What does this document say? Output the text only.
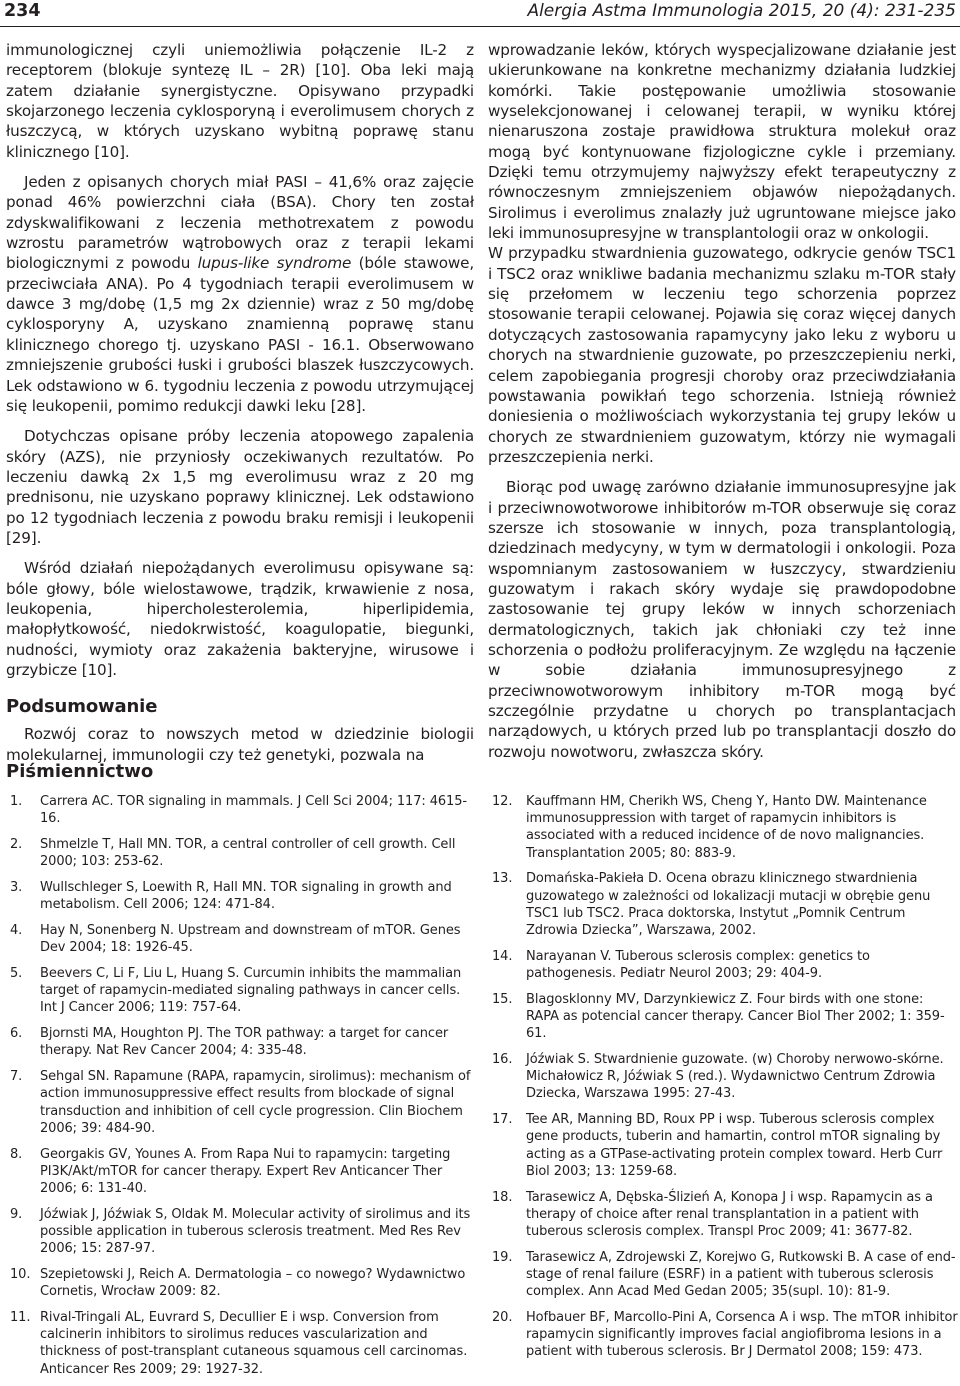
234	Alergia Astma Immunologia 2015, 20 (4): 231-235

immunologicznej czyli uniemożliwia połączenie IL-2 z receptorem (blokuje syntezę IL – 2R) [10]. Oba leki mają zatem działanie synergistyczne. Opisywano przypadki skojarzonego leczenia cyklosporyną i everolimusem chorych z łuszczycą, w których uzyskano wybitną poprawę stanu klinicznego [10].

Jeden z opisanych chorych miał PASI – 41,6% oraz zajęcie ponad 46% powierzchni ciała (BSA). Chory ten został zdyskwalifikowani z leczenia methotrexatem z powodu wzrostu parametrów wątrobowych oraz z terapii lekami biologicznymi z powodu lupus-like syndrome (bóle stawowe, przeciwciała ANA). Po 4 tygodniach terapii everolimusem w dawce 3 mg/dobę (1,5 mg 2x dziennie) wraz z 50 mg/dobę cyklosporyny A, uzyskano znamienną poprawę stanu klinicznego chorego tj. uzyskano PASI - 16.1. Obserwowano zmniejszenie grubości łuski i grubości blaszek łuszczycowych. Lek odstawiono w 6. tygodniu leczenia z powodu utrzymującej się leukopenii, pomimo redukcji dawki leku [28].

Dotychczas opisane próby leczenia atopowego zapalenia skóry (AZS), nie przyniosły oczekiwanych rezultatów. Po leczeniu dawką 2x 1,5 mg everolimusu wraz z 20 mg prednisonu, nie uzyskano poprawy klinicznej. Lek odstawiono po 12 tygodniach leczenia z powodu braku remisji i leukopenii [29].

Wśród działań niepożądanych everolimusu opisywane są: bóle głowy, bóle wielostawowe, trądzik, krwawienie z nosa, leukopenia, hipercholesterolemia, hiperlipidemia, małopłytkowość, niedokrwistość, koagulopatie, biegunki, nudności, wymioty oraz zakażenia bakteryjne, wirusowe i grzybicze [10].

Podsumowanie

Rozwój coraz to nowszych metod w dziedzinie biologii molekularnej, immunologii czy też genetyki, pozwala na

wprowadzanie leków, których wyspecjalizowane działanie jest ukierunkowane na konkretne mechanizmy działania ludzkiej komórki. Takie postępowanie umożliwia stosowanie wyselekcjonowanej i celowanej terapii, w wyniku której nienaruszona zostaje prawidłowa struktura molekuł oraz mogą być kontynuowane fizjologiczne cykle i przemiany. Dzięki temu otrzymujemy najwyższy efekt terapeutyczny z równoczesnym zmniejszeniem objawów niepożądanych. Sirolimus i everolimus znalazły już ugruntowane miejsce jako leki immunosupresyjne w transplantologii oraz w onkologii.

W przypadku stwardnienia guzowatego, odkrycie genów TSC1 i TSC2 oraz wnikliwe badania mechanizmu szlaku m-TOR stały się przełomem w leczeniu tego schorzenia poprzez stosowanie terapii celowanej. Pojawia się coraz więcej danych dotyczących zastosowania rapamycyny jako leku z wyboru u chorych na stwardnienie guzowate, po przeszczepieniu nerki, celem zapobiegania progresji choroby oraz przeciwdziałania powstawania powikłań tego schorzenia. Istnieją również doniesienia o możliwościach wykorzystania tej grupy leków u chorych ze stwardnieniem guzowatym, którzy nie wymagali przeszczepienia nerki.

Biorąc pod uwagę zarówno działanie immunosupresyjne jak i przeciwnowotworowe inhibitorów m-TOR obserwuje się coraz szersze ich stosowanie w innych, poza transplantologią, dziedzinach medycyny, w tym w dermatologii i onkologii. Poza wspomnianym zastosowaniem w łuszczycy, stwardzieniu guzowatym i rakach skóry wydaje się prawdopodobne zastosowanie tej grupy leków w innych schorzeniach dermatologicznych, takich jak chłoniaki czy też inne schorzenia o podłożu proliferacyjnym. Ze względu na łączenie w sobie działania immunosupresyjnego z przeciwnowotworowym inhibitory m-TOR mogą być szczególnie przydatne u chorych po transplantacjach narządowych, u których przed lub po transplantacji doszło do rozwoju nowotworu, zwłaszcza skóry.

Piśmiennictwo
1. Carrera AC. TOR signaling in mammals. J Cell Sci 2004; 117: 4615-16.
2. Shmelzle T, Hall MN. TOR, a central controller of cell growth. Cell 2000; 103: 253-62.
3. Wullschleger S, Loewith R, Hall MN. TOR signaling in growth and metabolism. Cell 2006; 124: 471-84.
4. Hay N, Sonenberg N. Upstream and downstream of mTOR. Genes Dev 2004; 18: 1926-45.
5. Beevers C, Li F, Liu L, Huang S. Curcumin inhibits the mammalian target of rapamycin-mediated signaling pathways in cancer cells. Int J Cancer 2006; 119: 757-64.
6. Bjornsti MA, Houghton PJ. The TOR pathway: a target for cancer therapy. Nat Rev Cancer 2004; 4: 335-48.
7. Sehgal SN. Rapamune (RAPA, rapamycin, sirolimus): mechanism of action immunosuppressive effect results from blockade of signal transduction and inhibition of cell cycle progression. Clin Biochem 2006; 39: 484-90.
8. Georgakis GV, Younes A. From Rapa Nui to rapamycin: targeting PI3K/Akt/mTOR for cancer therapy. Expert Rev Anticancer Ther 2006; 6: 131-40.
9. Jóźwiak J, Jóźwiak S, Oldak M. Molecular activity of sirolimus and its possible application in tuberous sclerosis treatment. Med Res Rev 2006; 15: 287-97.
10. Szepietowski J, Reich A. Dermatologia – co nowego? Wydawnictwo Cornetis, Wrocław 2009: 82.
11. Rival-Tringali AL, Euvrard S, Decullier E i wsp. Conversion from calcinerin inhibitors to sirolimus reduces vascularization and thickness of post-transplant cutaneous squamous cell carcinomas. Anticancer Res 2009; 29: 1927-32.
12. Kauffmann HM, Cherikh WS, Cheng Y, Hanto DW. Maintenance immunosuppression with target of rapamycin inhibitors is associated with a reduced incidence of de novo malignancies. Transplantation 2005; 80: 883-9.
13. Domańska-Pakieła D. Ocena obrazu klinicznego stwardnienia guzowatego w zależności od lokalizacji mutacji w obrębie genu TSC1 lub TSC2. Praca doktorska, Instytut „Pomnik Centrum Zdrowia Dziecka”, Warszawa, 2002.
14. Narayanan V. Tuberous sclerosis complex: genetics to pathogenesis. Pediatr Neurol 2003; 29: 404-9.
15. Blagosklonny MV, Darzynkiewicz Z. Four birds with one stone: RAPA as potencial cancer therapy. Cancer Biol Ther 2002; 1: 359-61.
16. Jóźwiak S. Stwardnienie guzowate. (w) Choroby nerwowo-skórne. Michałowicz R, Jóźwiak S (red.). Wydawnictwo Centrum Zdrowia Dziecka, Warszawa 1995: 27-43.
17. Tee AR, Manning BD, Roux PP i wsp. Tuberous sclerosis complex gene products, tuberin and hamartin, control mTOR signaling by acting as a GTPase-activating protein complex toward. Herb Curr Biol 2003; 13: 1259-68.
18. Tarasewicz A, Dębska-Ślizień A, Konopa J i wsp. Rapamycin as a therapy of choice after renal transplantation in a patient with tuberous sclerosis complex. Transpl Proc 2009; 41: 3677-82.
19. Tarasewicz A, Zdrojewski Z, Korejwo G, Rutkowski B. A case of end-stage of renal failure (ESRF) in a patient with tuberous sclerosis complex. Ann Acad Med Gedan 2005; 35(supl. 10): 81-9.
20. Hofbauer BF, Marcollo-Pini A, Corsenca A i wsp. The mTOR inhibitor rapamycin significantly improves facial angiofibroma lesions in a patient with tuberous sclerosis. Br J Dermatol 2008; 159: 473.
